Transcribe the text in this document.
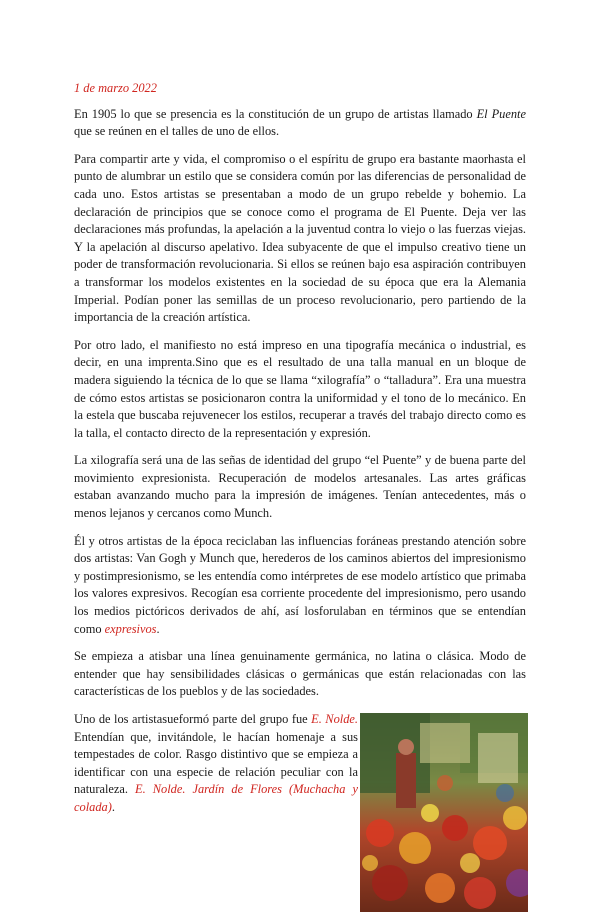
1 de marzo 2022

En 1905 lo que se presencia es la constitución de un grupo de artistas llamado El Puente que se reúnen en el talles de uno de ellos.

Para compartir arte y vida, el compromiso o el espíritu de grupo era bastante maorhasta el punto de alumbrar un estilo que se considera común por las diferencias de personalidad de cada uno. Estos artistas se presentaban a modo de un grupo rebelde y bohemio. La declaración de principios que se conoce como el programa de El Puente. Deja ver las declaraciones más profundas, la apelación a la juventud contra lo viejo o las fuerzas viejas. Y la apelación al discurso apelativo. Idea subyacente de que el impulso creativo tiene un poder de transformación revolucionaria. Si ellos se reúnen bajo esa aspiración contribuyen a transformar los modelos existentes en la sociedad de su época que era la Alemania Imperial. Podían poner las semillas de un proceso revolucionario, pero partiendo de la importancia de la creación artística.

Por otro lado, el manifiesto no está impreso en una tipografía mecánica o industrial, es decir, en una imprenta.Sino que es el resultado de una talla manual en un bloque de madera siguiendo la técnica de lo que se llama “xilografía” o “talladura”. Era una muestra de cómo estos artistas se posicionaron contra la uniformidad y el tono de lo mecánico. En la estela que buscaba rejuvenecer los estilos, recuperar a través del trabajo directo como es la talla, el contacto directo de la representación y expresión.

La xilografía será una de las señas de identidad del grupo “el Puente” y de buena parte del movimiento expresionista. Recuperación de modelos artesanales. Las artes gráficas estaban avanzando mucho para la impresión de imágenes. Tenían antecedentes, más o menos lejanos y cercanos como Munch.

Él y otros artistas de la época reciclaban las influencias foráneas prestando atención sobre dos artistas: Van Gogh y Munch que, herederos de los caminos abiertos del impresionismo y postimpresionismo, se les entendía como intérpretes de ese modelo artístico que primaba los valores expresivos. Recogían esa corriente procedente del impresionismo, pero usando los medios pictóricos derivados de ahí, así losforulaban en términos que se entendían como expresivos.

Se empieza a atisbar una línea genuinamente germánica, no latina o clásica. Modo de entender que hay sensibilidades clásicas o germánicas que están relacionadas con las características de los pueblos y de las sociedades.

Uno de los artistasueformó parte del grupo fue E. Nolde. Entendían que, invitándole, le hacían homenaje a sus tempestades de color. Rasgo distintivo que se empieza a identificar con una especie de relación peculiar con la naturaleza. E. Nolde. Jardín de Flores (Muchacha y colada).
